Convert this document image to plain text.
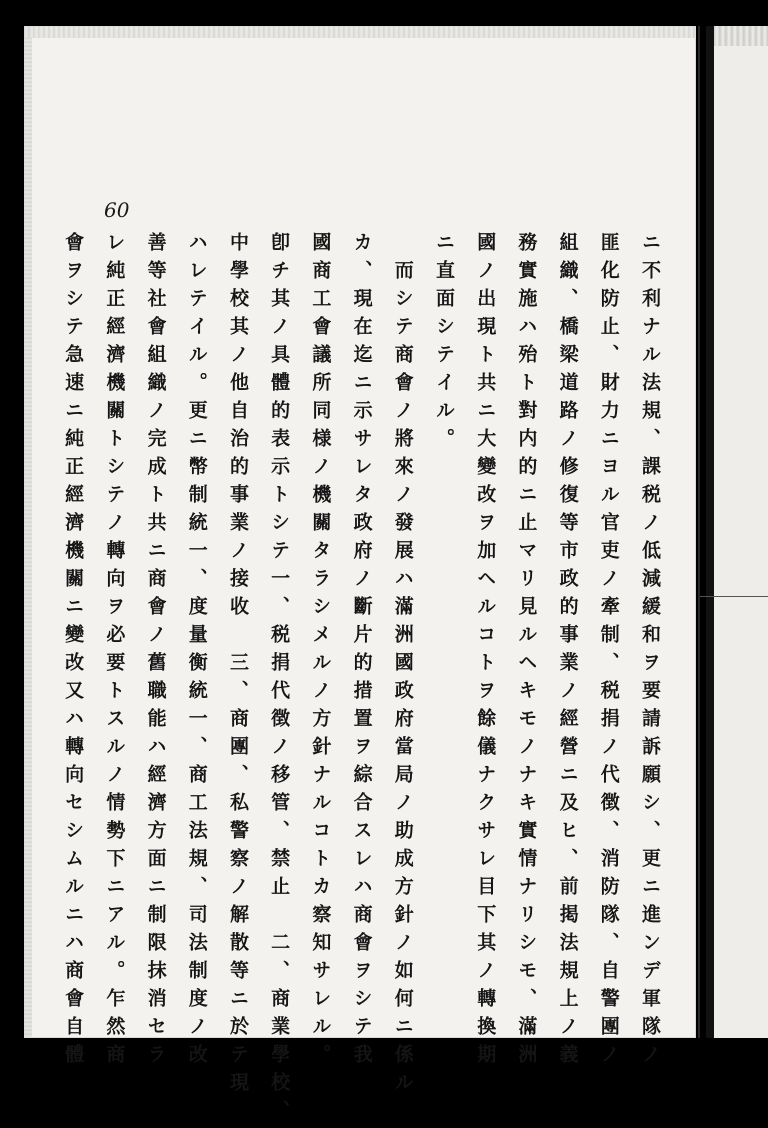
60
ニ不利ナル法規、課税ノ低減緩和ヲ要請訴願シ、更ニ進ンデ軍隊ノ
匪化防止、財力ニヨル官吏ノ牽制、税捐ノ代徴、消防隊、自警團ノ
組織、橋梁道路ノ修復等市政的事業ノ經營ニ及ヒ、前掲法規上ノ義
務實施ハ殆ト對内的ニ止マリ見ルヘキモノナキ實情ナリシモ、滿洲
國ノ出現ト共ニ大變改ヲ加ヘルコトヲ餘儀ナクサレ目下其ノ轉換期
ニ直面シテイル。
而シテ商會ノ將來ノ發展ハ滿洲國政府當局ノ助成方針ノ如何ニ係ル
カ、現在迄ニ示サレタ政府ノ斷片的措置ヲ綜合スレハ商會ヲシテ我
國商工會議所同様ノ機關タラシメルノ方針ナルコトカ察知サレル。
卽チ其ノ具體的表示トシテ一、税捐代徴ノ移管、禁止　二、商業學校、
中學校其ノ他自治的事業ノ接收　三、商團、私警察ノ解散等ニ於テ現
ハレテイル。更ニ幣制統一、度量衡統一、商工法規、司法制度ノ改
善等社會組織ノ完成ト共ニ商會ノ舊職能ハ經濟方面ニ制限抹消セラ
レ純正經濟機關トシテノ轉向ヲ必要トスルノ情勢下ニアル。乍然商
會ヲシテ急速ニ純正經濟機關ニ變改又ハ轉向セシムルニハ商會自體
